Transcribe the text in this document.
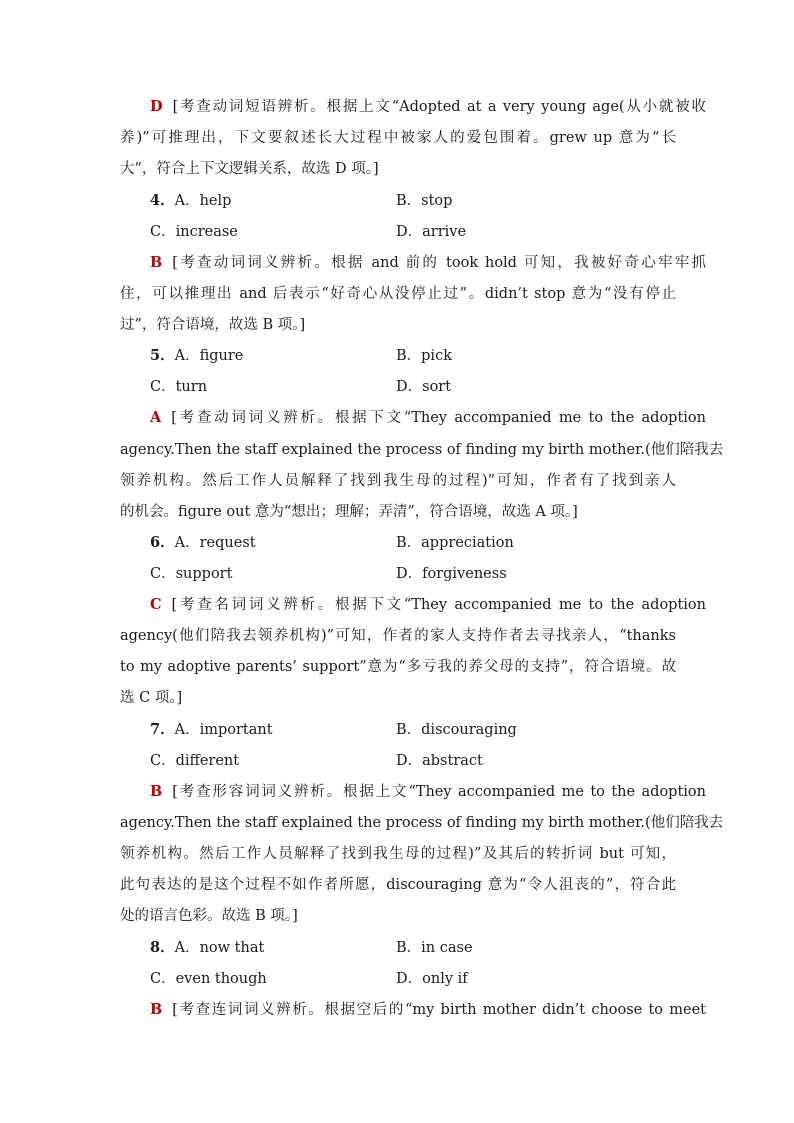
D [考查动词短语辨析。根据上文“Adopted at a very young age(从小就被收
养)”可推理出，下文要叙述长大过程中被家人的爱包围着。grew up 意为“长
大”，符合上下文逻辑关系，故选 D 项。]
4．A．help	B．stop
C．increase	D．arrive
B [考查动词词义辨析。根据 and 前的 took hold 可知，我被好奇心牢牢抓
住，可以推理出 and 后表示“好奇心从没停止过”。didn’t stop 意为“没有停止
过”，符合语境，故选 B 项。]
5．A．figure	B．pick
C．turn	D．sort
A [考查动词词义辨析。根据下文“They accompanied me to the adoption
agency.Then the staff explained the process of finding my birth mother.(他们陪我去
领养机构。然后工作人员解释了找到我生母的过程)”可知，作者有了找到亲人
的机会。figure out 意为“想出；理解；弄清”，符合语境，故选 A 项。]
6．A．request	B．appreciation
C．support	D．forgiveness
C [考查名词词义辨析。根据下文“They accompanied me to the adoption
agency(他们陪我去领养机构)”可知，作者的家人支持作者去寻找亲人，“thanks
to my adoptive parents’ support”意为“多亏我的养父母的支持”，符合语境。故
选 C 项。]
7．A．important	B．discouraging
C．different	D．abstract
B [考查形容词词义辨析。根据上文“They accompanied me to the adoption
agency.Then the staff explained the process of finding my birth mother.(他们陪我去
领养机构。然后工作人员解释了找到我生母的过程)”及其后的转折词 but 可知，
此句表达的是这个过程不如作者所愿，discouraging 意为“令人沮丧的”，符合此
处的语言色彩。故选 B 项。]
8．A．now that	B．in case
C．even though	D．only if
B [考查连词词义辨析。根据空后的“my birth mother didn’t choose to meet
